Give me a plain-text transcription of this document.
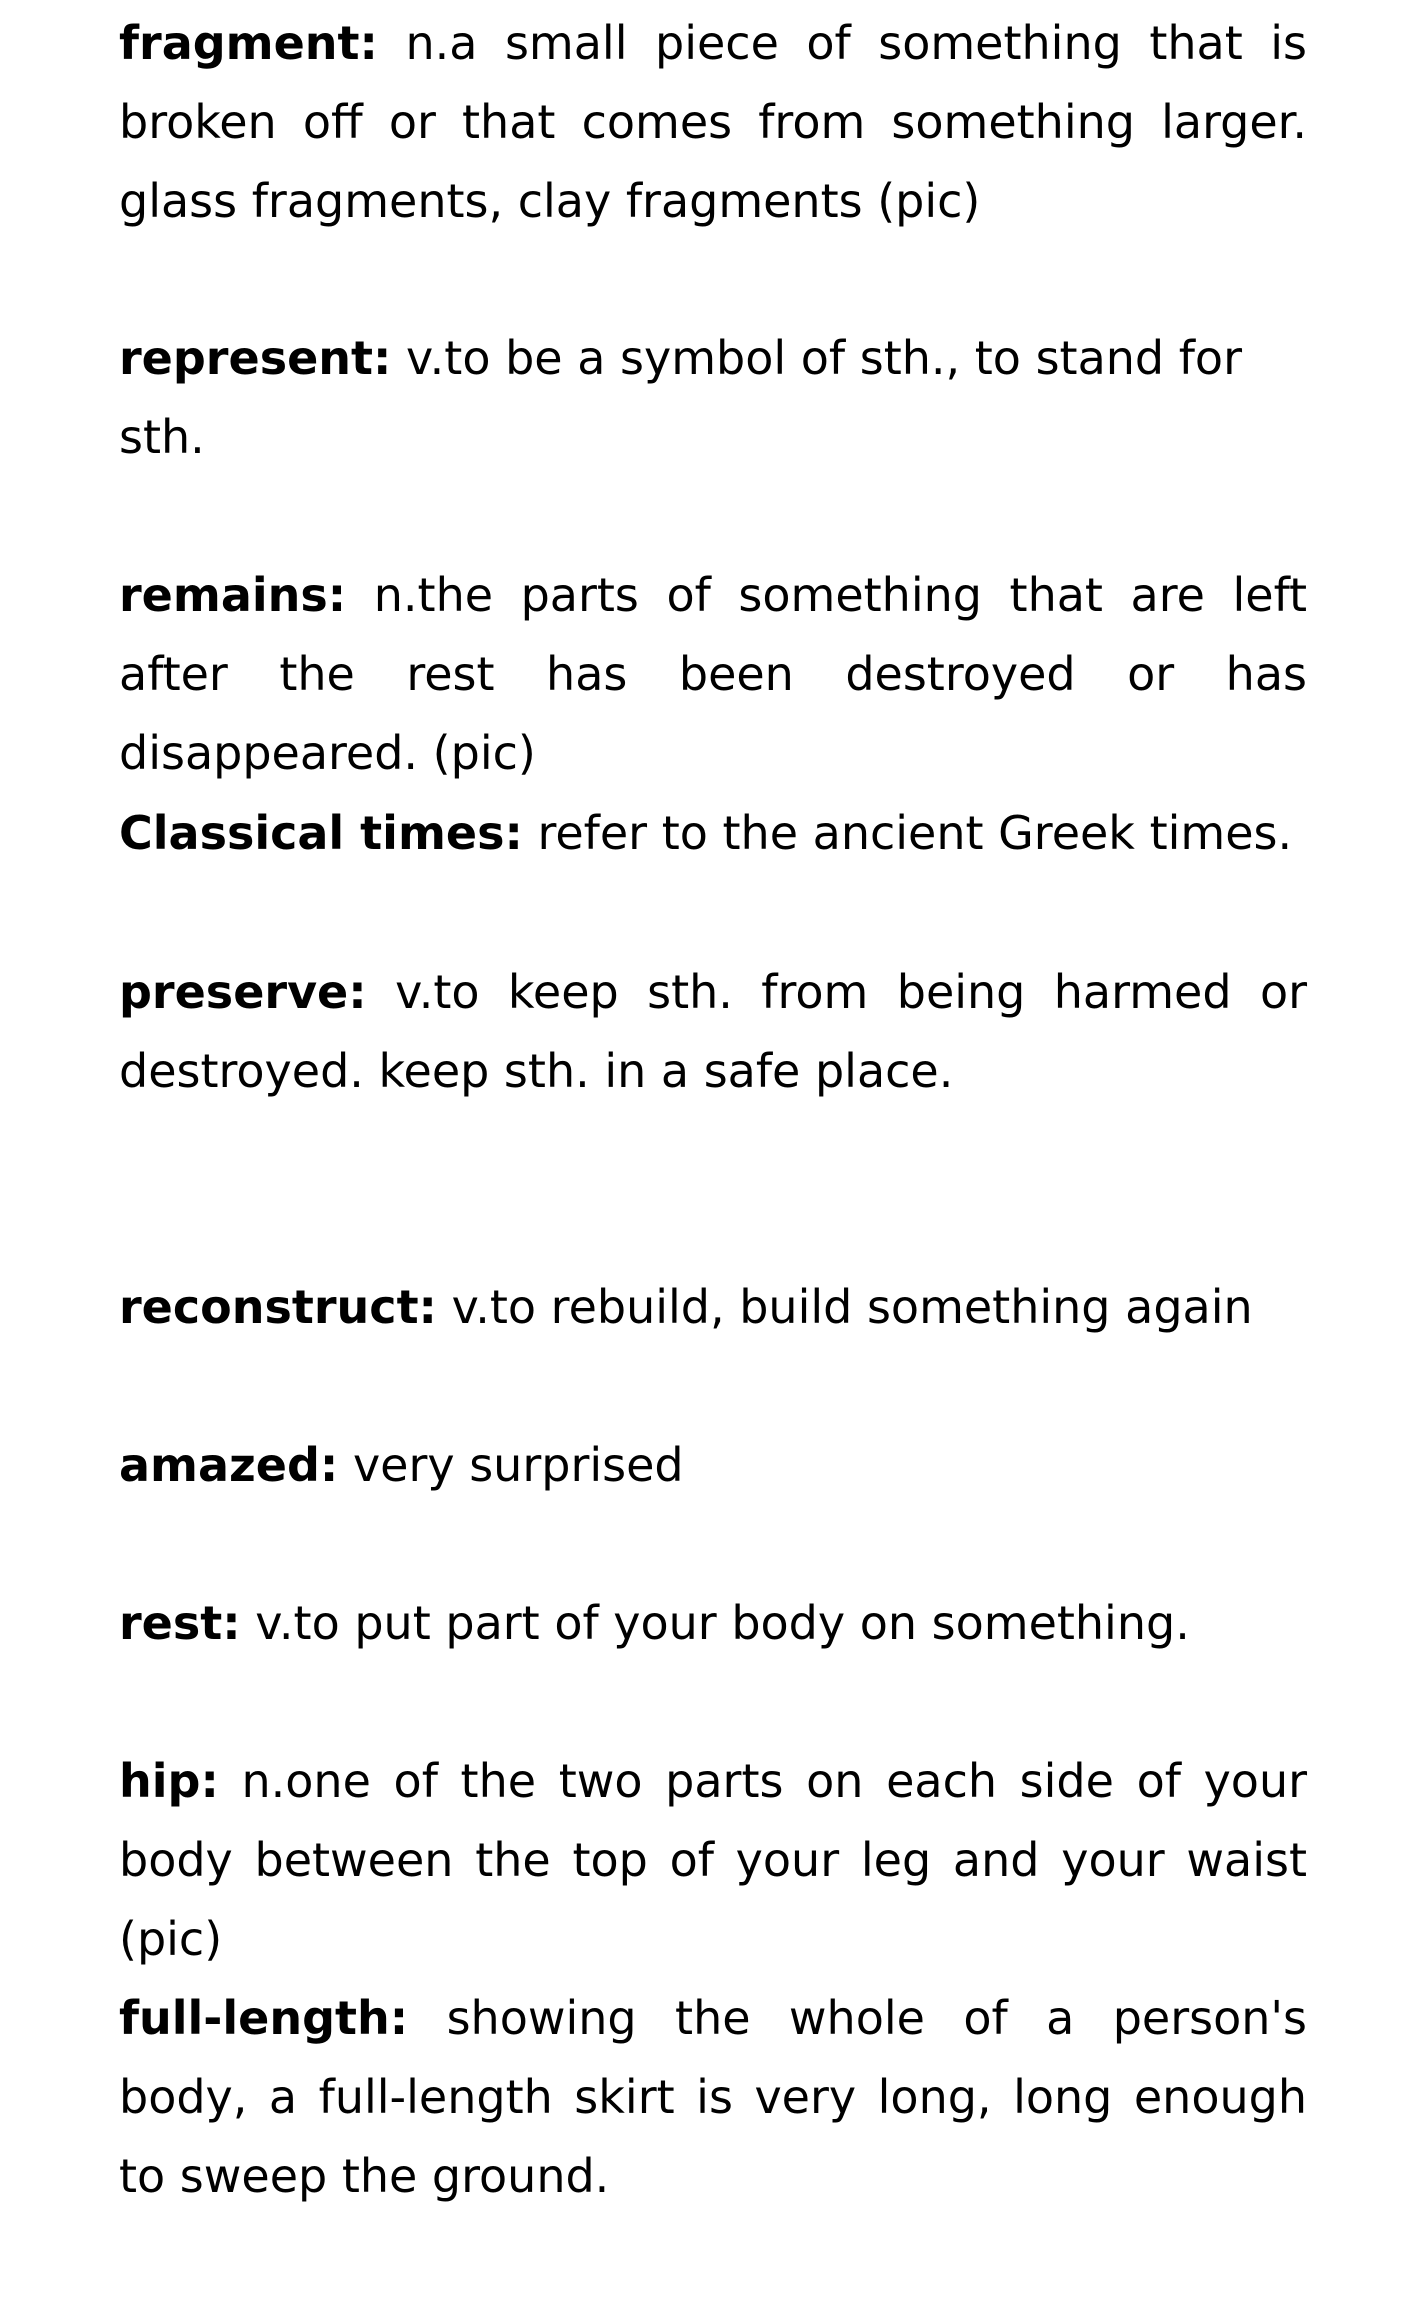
fragment: n.a small piece of something that is broken off or that comes from something larger. glass fragments, clay fragments (pic)

represent: v.to be a symbol of sth., to stand for sth.

remains: n.the parts of something that are left after the rest has been destroyed or has disappeared. (pic)

Classical times: refer to the ancient Greek times.

preserve: v.to keep sth. from being harmed or destroyed. keep sth. in a safe place.

reconstruct: v.to rebuild, build something again

amazed: very surprised

rest: v.to put part of your body on something.

hip: n.one of the two parts on each side of your body between the top of your leg and your waist (pic)

full-length: showing the whole of a person's body, a full-length skirt is very long, long enough to sweep the ground.
